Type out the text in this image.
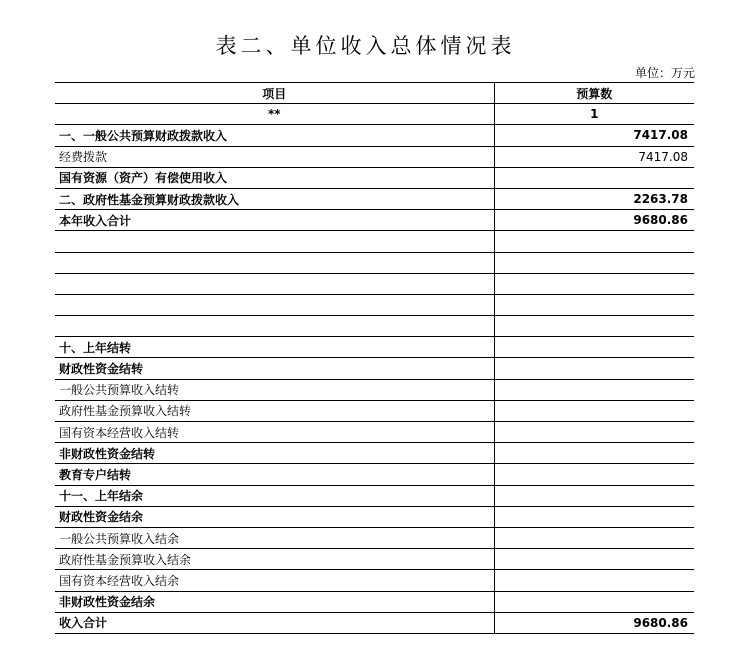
表二、单位收入总体情况表
单位：万元
项目	预算数
**	1
一、一般公共预算财政拨款收入	7417.08
经费拨款	7417.08
国有资源（资产）有偿使用收入	
二、政府性基金预算财政拨款收入	2263.78
本年收入合计	9680.86

十、上年结转	
财政性资金结转	
一般公共预算收入结转	
政府性基金预算收入结转	
国有资本经营收入结转	
非财政性资金结转	
教育专户结转	
十一、上年结余	
财政性资金结余	
一般公共预算收入结余	
政府性基金预算收入结余	
国有资本经营收入结余	
非财政性资金结余	
收入合计	9680.86
